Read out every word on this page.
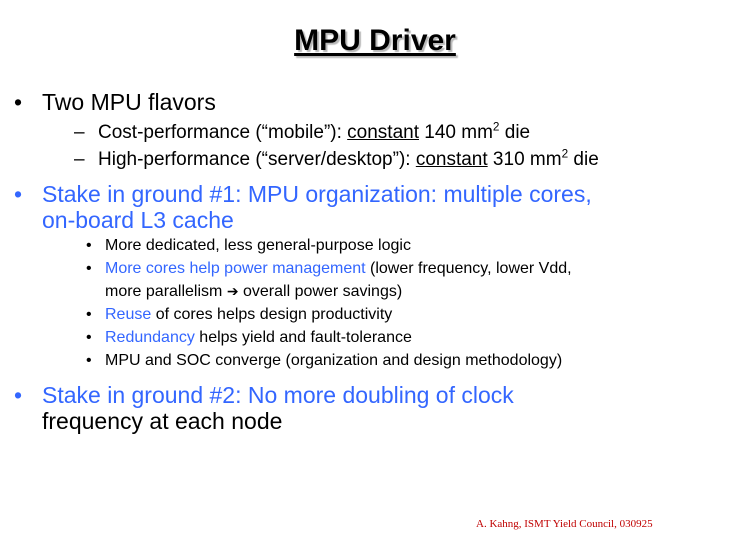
MPU Driver
• Two MPU flavors
– Cost-performance (“mobile”): constant 140 $mm^2$ die
– High-performance (“server/desktop”): constant 310 $mm^2$ die
• Stake in ground #1: MPU organization: multiple cores,
on-board L3 cache
• More dedicated, less general-purpose logic
• More cores help power management (lower frequency, lower Vdd,
more parallelism ➔ overall power savings)
• Reuse of cores helps design productivity
• Redundancy helps yield and fault-tolerance
• MPU and SOC converge (organization and design methodology)
• Stake in ground #2: No more doubling of clock
frequency at each node
A. Kahng, ISMT Yield Council, 030925
